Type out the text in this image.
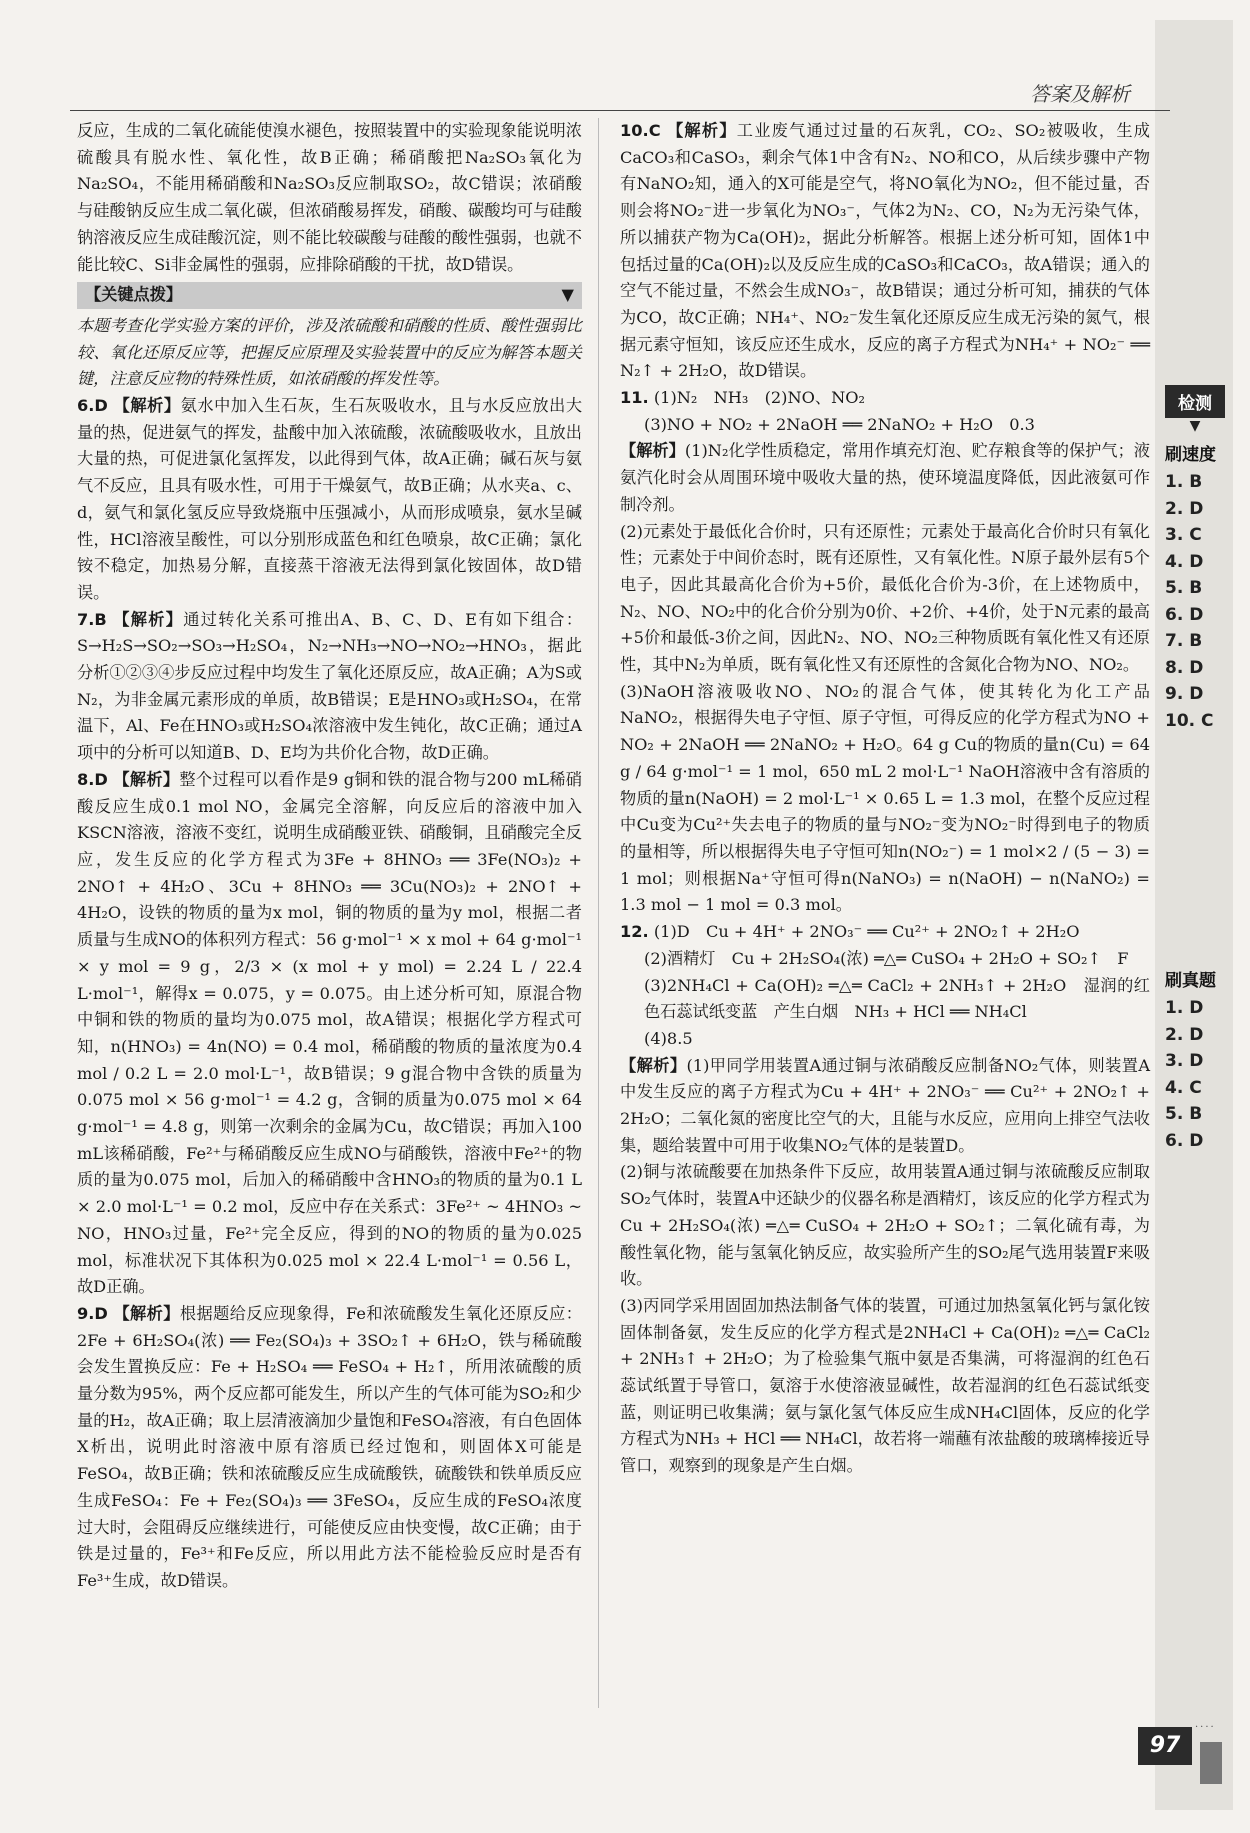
答案及解析

反应，生成的二氧化硫能使溴水褪色，按照装置中的实验现象能说明浓硫酸具有脱水性、氧化性，故B正确；稀硝酸把Na₂SO₃氧化为Na₂SO₄，不能用稀硝酸和Na₂SO₃反应制取SO₂，故C错误；浓硝酸与硅酸钠反应生成二氧化碳，但浓硝酸易挥发，硝酸、碳酸均可与硅酸钠溶液反应生成硅酸沉淀，则不能比较碳酸与硅酸的酸性强弱，也就不能比较C、Si非金属性的强弱，应排除硝酸的干扰，故D错误。

【关键点拨】	▼

本题考查化学实验方案的评价，涉及浓硫酸和硝酸的性质、酸性强弱比较、氧化还原反应等，把握反应原理及实验装置中的反应为解答本题关键，注意反应物的特殊性质，如浓硝酸的挥发性等。

6.D 【解析】氨水中加入生石灰，生石灰吸收水，且与水反应放出大量的热，促进氨气的挥发，盐酸中加入浓硫酸，浓硫酸吸收水，且放出大量的热，可促进氯化氢挥发，以此得到气体，故A正确；碱石灰与氨气不反应，且具有吸水性，可用于干燥氨气，故B正确；从水夹a、c、d，氨气和氯化氢反应导致烧瓶中压强减小，从而形成喷泉，氨水呈碱性，HCl溶液呈酸性，可以分别形成蓝色和红色喷泉，故C正确；氯化铵不稳定，加热易分解，直接蒸干溶液无法得到氯化铵固体，故D错误。

7.B 【解析】通过转化关系可推出A、B、C、D、E有如下组合：S→H₂S→SO₂→SO₃→H₂SO₄，N₂→NH₃→NO→NO₂→HNO₃，据此分析①②③④步反应过程中均发生了氧化还原反应，故A正确；A为S或N₂，为非金属元素形成的单质，故B错误；E是HNO₃或H₂SO₄，在常温下，Al、Fe在HNO₃或H₂SO₄浓溶液中发生钝化，故C正确；通过A项中的分析可以知道B、D、E均为共价化合物，故D正确。

8.D 【解析】整个过程可以看作是9 g铜和铁的混合物与200 mL稀硝酸反应生成0.1 mol NO，金属完全溶解，向反应后的溶液中加入KSCN溶液，溶液不变红，说明生成硝酸亚铁、硝酸铜，且硝酸完全反应，发生反应的化学方程式为3Fe + 8HNO₃ ══ 3Fe(NO₃)₂ + 2NO↑ + 4H₂O、3Cu + 8HNO₃ ══ 3Cu(NO₃)₂ + 2NO↑ + 4H₂O，设铁的物质的量为x mol，铜的物质的量为y mol，根据二者质量与生成NO的体积列方程式：56 g·mol⁻¹ × x mol + 64 g·mol⁻¹ × y mol = 9 g，2/3 × (x mol + y mol) = 2.24 L / 22.4 L·mol⁻¹，解得x = 0.075，y = 0.075。由上述分析可知，原混合物中铜和铁的物质的量均为0.075 mol，故A错误；根据化学方程式可知，n(HNO₃) = 4n(NO) = 0.4 mol，稀硝酸的物质的量浓度为0.4 mol / 0.2 L = 2.0 mol·L⁻¹，故B错误；9 g混合物中含铁的质量为0.075 mol × 56 g·mol⁻¹ = 4.2 g，含铜的质量为0.075 mol × 64 g·mol⁻¹ = 4.8 g，则第一次剩余的金属为Cu，故C错误；再加入100 mL该稀硝酸，Fe²⁺与稀硝酸反应生成NO与硝酸铁，溶液中Fe²⁺的物质的量为0.075 mol，后加入的稀硝酸中含HNO₃的物质的量为0.1 L × 2.0 mol·L⁻¹ = 0.2 mol，反应中存在关系式：3Fe²⁺ ~ 4HNO₃ ~ NO，HNO₃过量，Fe²⁺完全反应，得到的NO的物质的量为0.025 mol，标准状况下其体积为0.025 mol × 22.4 L·mol⁻¹ = 0.56 L，故D正确。

9.D 【解析】根据题给反应现象得，Fe和浓硫酸发生氧化还原反应：2Fe + 6H₂SO₄(浓) ══ Fe₂(SO₄)₃ + 3SO₂↑ + 6H₂O，铁与稀硫酸会发生置换反应：Fe + H₂SO₄ ══ FeSO₄ + H₂↑，所用浓硫酸的质量分数为95%，两个反应都可能发生，所以产生的气体可能为SO₂和少量的H₂，故A正确；取上层清液滴加少量饱和FeSO₄溶液，有白色固体X析出，说明此时溶液中原有溶质已经过饱和，则固体X可能是FeSO₄，故B正确；铁和浓硫酸反应生成硫酸铁，硫酸铁和铁单质反应生成FeSO₄：Fe + Fe₂(SO₄)₃ ══ 3FeSO₄，反应生成的FeSO₄浓度过大时，会阻碍反应继续进行，可能使反应由快变慢，故C正确；由于铁是过量的，Fe³⁺和Fe反应，所以用此方法不能检验反应时是否有Fe³⁺生成，故D错误。

10.C 【解析】工业废气通过过量的石灰乳，CO₂、SO₂被吸收，生成CaCO₃和CaSO₃，剩余气体1中含有N₂、NO和CO，从后续步骤中产物有NaNO₂知，通入的X可能是空气，将NO氧化为NO₂，但不能过量，否则会将NO₂⁻进一步氧化为NO₃⁻，气体2为N₂、CO，N₂为无污染气体，所以捕获产物为Ca(OH)₂，据此分析解答。根据上述分析可知，固体1中包括过量的Ca(OH)₂以及反应生成的CaSO₃和CaCO₃，故A错误；通入的空气不能过量，不然会生成NO₃⁻，故B错误；通过分析可知，捕获的气体为CO，故C正确；NH₄⁺、NO₂⁻发生氧化还原反应生成无污染的氮气，根据元素守恒知，该反应还生成水，反应的离子方程式为NH₄⁺ + NO₂⁻ ══ N₂↑ + 2H₂O，故D错误。

11. (1)N₂　NH₃　(2)NO、NO₂

(3)NO + NO₂ + 2NaOH ══ 2NaNO₂ + H₂O　0.3

【解析】(1)N₂化学性质稳定，常用作填充灯泡、贮存粮食等的保护气；液氨汽化时会从周围环境中吸收大量的热，使环境温度降低，因此液氨可作制冷剂。

(2)元素处于最低化合价时，只有还原性；元素处于最高化合价时只有氧化性；元素处于中间价态时，既有还原性，又有氧化性。N原子最外层有5个电子，因此其最高化合价为+5价，最低化合价为-3价，在上述物质中，N₂、NO、NO₂中的化合价分别为0价、+2价、+4价，处于N元素的最高+5价和最低-3价之间，因此N₂、NO、NO₂三种物质既有氧化性又有还原性，其中N₂为单质，既有氧化性又有还原性的含氮化合物为NO、NO₂。

(3)NaOH溶液吸收NO、NO₂的混合气体，使其转化为化工产品NaNO₂，根据得失电子守恒、原子守恒，可得反应的化学方程式为NO + NO₂ + 2NaOH ══ 2NaNO₂ + H₂O。64 g Cu的物质的量n(Cu) = 64 g / 64 g·mol⁻¹ = 1 mol，650 mL 2 mol·L⁻¹ NaOH溶液中含有溶质的物质的量n(NaOH) = 2 mol·L⁻¹ × 0.65 L = 1.3 mol，在整个反应过程中Cu变为Cu²⁺失去电子的物质的量与NO₂⁻变为NO₂⁻时得到电子的物质的量相等，所以根据得失电子守恒可知n(NO₂⁻) = 1 mol×2 / (5 − 3) = 1 mol；则根据Na⁺守恒可得n(NaNO₃) = n(NaOH) − n(NaNO₂) = 1.3 mol − 1 mol = 0.3 mol。

12. (1)D　Cu + 4H⁺ + 2NO₃⁻ ══ Cu²⁺ + 2NO₂↑ + 2H₂O

(2)酒精灯　Cu + 2H₂SO₄(浓) ═△═ CuSO₄ + 2H₂O + SO₂↑　F

(3)2NH₄Cl + Ca(OH)₂ ═△═ CaCl₂ + 2NH₃↑ + 2H₂O　湿润的红色石蕊试纸变蓝　产生白烟　NH₃ + HCl ══ NH₄Cl

(4)8.5

【解析】(1)甲同学用装置A通过铜与浓硝酸反应制备NO₂气体，则装置A中发生反应的离子方程式为Cu + 4H⁺ + 2NO₃⁻ ══ Cu²⁺ + 2NO₂↑ + 2H₂O；二氧化氮的密度比空气的大，且能与水反应，应用向上排空气法收集，题给装置中可用于收集NO₂气体的是装置D。

(2)铜与浓硫酸要在加热条件下反应，故用装置A通过铜与浓硫酸反应制取SO₂气体时，装置A中还缺少的仪器名称是酒精灯，该反应的化学方程式为Cu + 2H₂SO₄(浓) ═△═ CuSO₄ + 2H₂O + SO₂↑；二氧化硫有毒，为酸性氧化物，能与氢氧化钠反应，故实验所产生的SO₂尾气选用装置F来吸收。

(3)丙同学采用固固加热法制备气体的装置，可通过加热氢氧化钙与氯化铵固体制备氨，发生反应的化学方程式是2NH₄Cl + Ca(OH)₂ ═△═ CaCl₂ + 2NH₃↑ + 2H₂O；为了检验集气瓶中氨是否集满，可将湿润的红色石蕊试纸置于导管口，氨溶于水使溶液显碱性，故若湿润的红色石蕊试纸变蓝，则证明已收集满；氨与氯化氢气体反应生成NH₄Cl固体，反应的化学方程式为NH₃ + HCl ══ NH₄Cl，故若将一端蘸有浓盐酸的玻璃棒接近导管口，观察到的现象是产生白烟。

检测
▼
刷速度
1. B
2. D
3. C
4. D
5. B
6. D
7. B
8. D
9. D
10. C
刷真题
1. D
2. D
3. D
4. C
5. B
6. D
····
97
